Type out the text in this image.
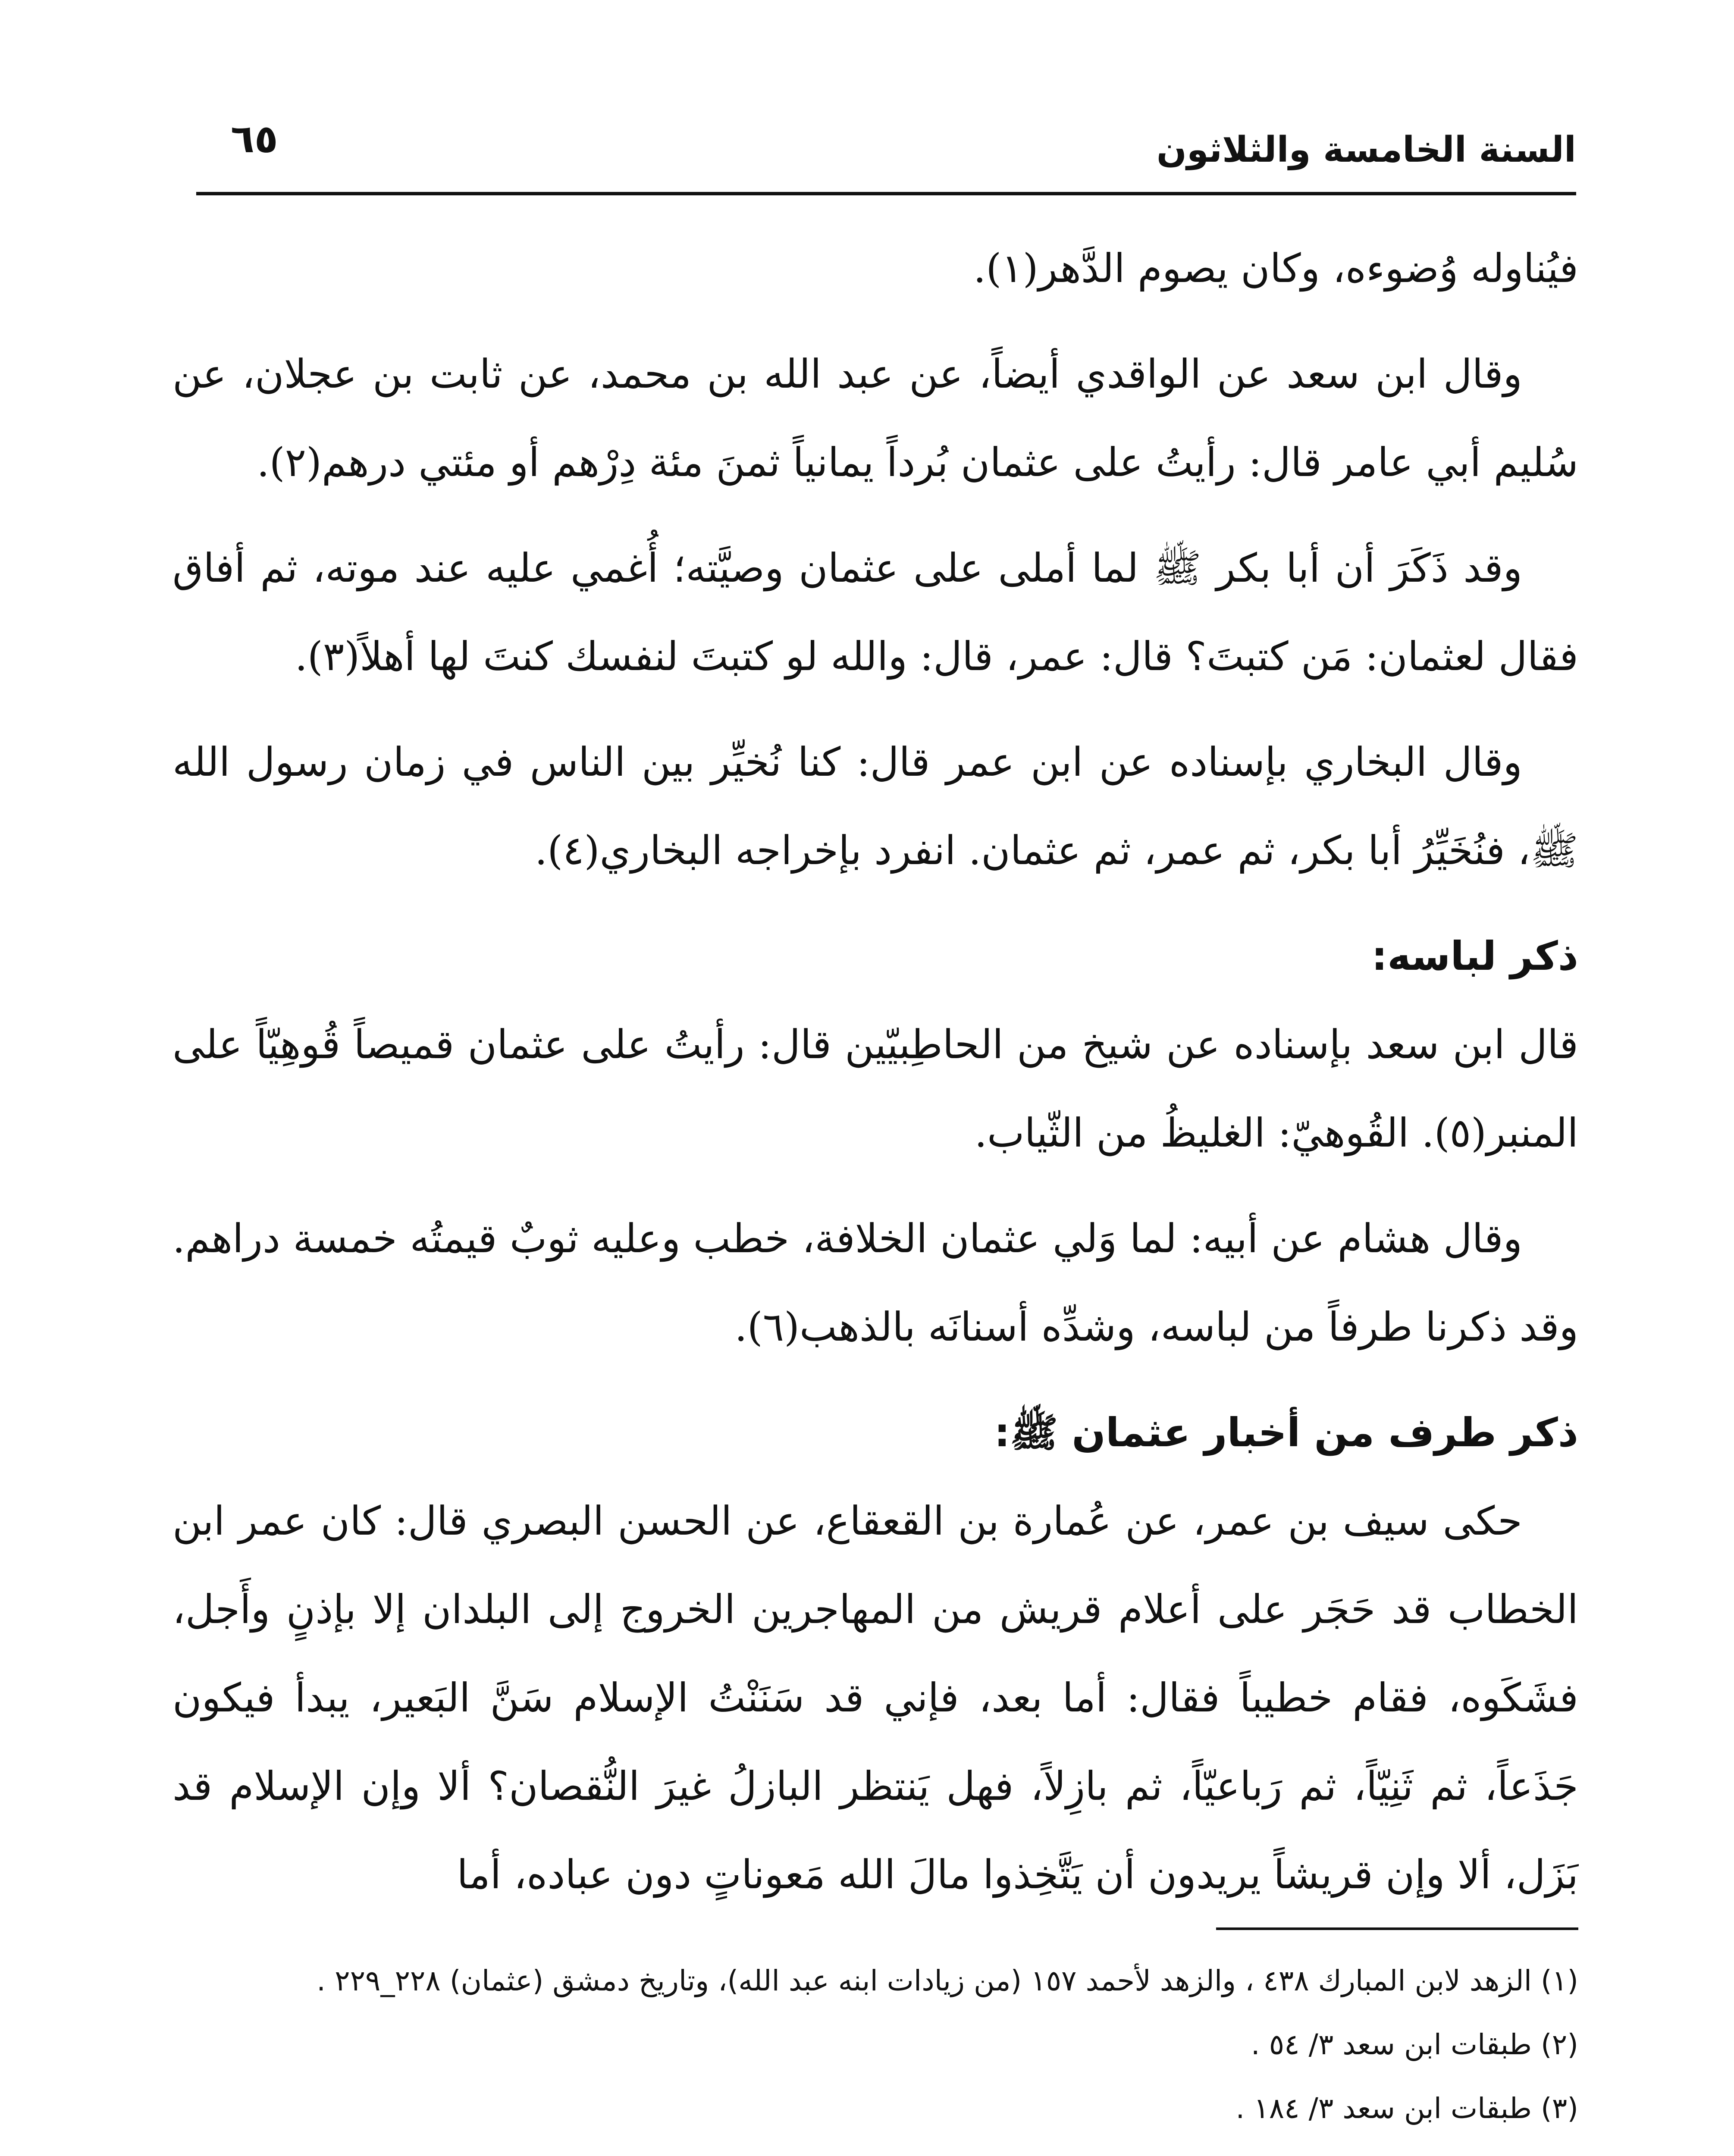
السنة الخامسة والثلاثون
٦٥

فيُناوله وُضوءه، وكان يصوم الدَّهر(١).

وقال ابن سعد عن الواقدي أيضاً، عن عبد الله بن محمد، عن ثابت بن عجلان، عن سُليم أبي عامر قال: رأيتُ على عثمان بُرداً يمانياً ثمنَ مئة دِرْهم أو مئتي درهم(٢).

وقد ذَكَرَ أن أبا بكر ﷺ لما أملى على عثمان وصيَّته؛ أُغمي عليه عند موته، ثم أفاق فقال لعثمان: مَن كتبتَ؟ قال: عمر، قال: والله لو كتبتَ لنفسك كنتَ لها أهلاً(٣).

وقال البخاري بإسناده عن ابن عمر قال: كنا نُخيِّر بين الناس في زمان رسول الله ﷺ، فنُخَيِّرُ أبا بكر، ثم عمر، ثم عثمان. انفرد بإخراجه البخاري(٤).

ذكر لباسه:

قال ابن سعد بإسناده عن شيخ من الحاطِبيّين قال: رأيتُ على عثمان قميصاً قُوهِيّاً على المنبر(٥). القُوهيّ: الغليظُ من الثّياب.

وقال هشام عن أبيه: لما وَلي عثمان الخلافة، خطب وعليه ثوبٌ قيمتُه خمسة دراهم. وقد ذكرنا طرفاً من لباسه، وشدِّه أسنانَه بالذهب(٦).

ذكر طرف من أخبار عثمان ﷺ:

حكى سيف بن عمر، عن عُمارة بن القعقاع، عن الحسن البصري قال: كان عمر ابن الخطاب قد حَجَر على أعلام قريش من المهاجرين الخروج إلى البلدان إلا بإذنٍ وأَجل، فشَكَوه، فقام خطيباً فقال: أما بعد، فإني قد سَنَنْتُ الإسلام سَنَّ البَعير، يبدأ فيكون جَذَعاً، ثم ثَنِيّاً، ثم رَباعيّاً، ثم بازِلاً، فهل يَنتظر البازلُ غيرَ النُّقصان؟ ألا وإن الإسلام قد بَزَل، ألا وإن قريشاً يريدون أن يَتَّخِذوا مالَ الله مَعوناتٍ دون عباده، أما

(١) الزهد لابن المبارك ٤٣٨ ، والزهد لأحمد ١٥٧ (من زيادات ابنه عبد الله)، وتاريخ دمشق (عثمان) ٢٢٨_٢٢٩ .

(٢) طبقات ابن سعد ٣/ ٥٤ .

(٣) طبقات ابن سعد ٣/ ١٨٤ .
